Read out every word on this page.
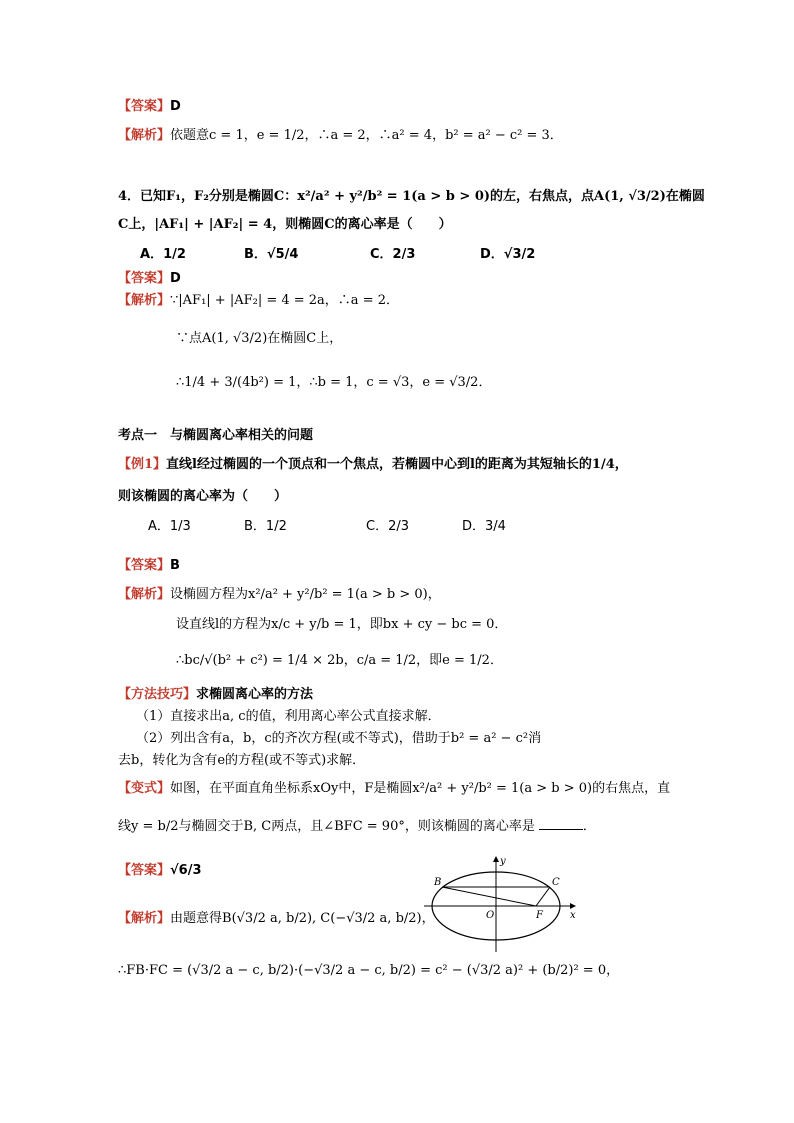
【答案】D
【解析】依题意c = 1，e = 1/2，∴a = 2，∴a² = 4，b² = a² − c² = 3．
4．已知F₁，F₂分别是椭圆C：x²/a² + y²/b² = 1(a > b > 0)的左，右焦点，点A(1, √3/2)在椭圆
C上，|AF₁| + |AF₂| = 4，则椭圆C的离心率是（　　）
A．1/2	B．√5/4	C．2/3	D．√3/2
【答案】D
【解析】∵|AF₁| + |AF₂| = 4 = 2a，∴a = 2．
∵点A(1, √3/2)在椭圆C上，
∴1/4 + 3/(4b²) = 1，∴b = 1，c = √3，e = √3/2．
考点一　与椭圆离心率相关的问题
【例1】直线l经过椭圆的一个顶点和一个焦点，若椭圆中心到l的距离为其短轴长的1/4，
则该椭圆的离心率为（　　）
A．1/3	B．1/2	C．2/3	D．3/4
【答案】B
【解析】设椭圆方程为x²/a² + y²/b² = 1(a > b > 0)，
设直线l的方程为x/c + y/b = 1，即bx + cy − bc = 0．
∴bc/√(b² + c²) = 1/4 × 2b，c/a = 1/2，即e = 1/2．
【方法技巧】求椭圆离心率的方法
（1）直接求出a, c的值，利用离心率公式直接求解．
（2）列出含有a，b，c的齐次方程(或不等式)，借助于b² = a² − c²消
去b，转化为含有e的方程(或不等式)求解．
【变式】如图，在平面直角坐标系xOy中，F是椭圆x²/a² + y²/b² = 1(a > b > 0)的右焦点，直
线y = b/2与椭圆交于B, C两点，且∠BFC = 90°，则该椭圆的离心率是	．
【答案】√6/3
【解析】由题意得B(√3/2 a, b/2), C(−√3/2 a, b/2)，
∴FB·FC = (√3/2 a − c, b/2)·(−√3/2 a − c, b/2) = c² − (√3/2 a)² + (b/2)² = 0，
B	C
O	F	x
y
